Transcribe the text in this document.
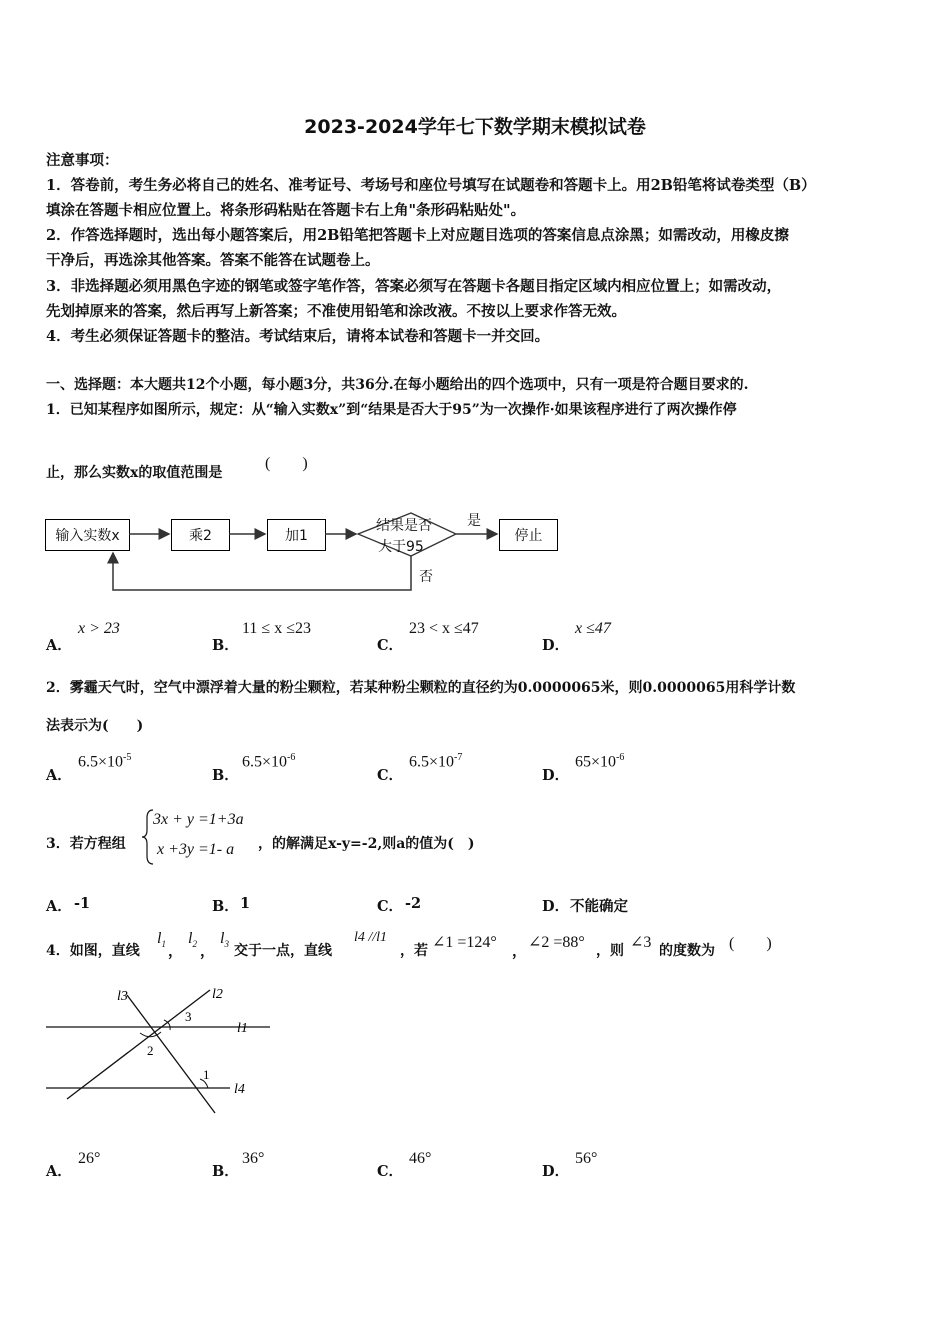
2023-2024学年七下数学期末模拟试卷
注意事项：
1．答卷前，考生务必将自己的姓名、准考证号、考场号和座位号填写在试题卷和答题卡上。用2B铅笔将试卷类型（B）
填涂在答题卡相应位置上。将条形码粘贴在答题卡右上角"条形码粘贴处"。
2．作答选择题时，选出每小题答案后，用2B铅笔把答题卡上对应题目选项的答案信息点涂黑；如需改动，用橡皮擦
干净后，再选涂其他答案。答案不能答在试题卷上。
3．非选择题必须用黑色字迹的钢笔或签字笔作答，答案必须写在答题卡各题目指定区域内相应位置上；如需改动，
先划掉原来的答案，然后再写上新答案；不准使用铅笔和涂改液。不按以上要求作答无效。
4．考生必须保证答题卡的整洁。考试结束后，请将本试卷和答题卡一并交回。
一、选择题：本大题共12个小题，每小题3分，共36分.在每小题给出的四个选项中，只有一项是符合题目要求的.
1．已知某程序如图所示，规定：从“输入实数x”到“结果是否大于95”为一次操作·如果该程序进行了两次操作停
止，那么实数x的取值范围是
(　　)
输入实数x	乘2	加1	停止
结果是否
大于95
是
否
A．
x > 23
B．
11 ≤ x ≤23
C．
23 < x ≤47
D．
x ≤47
2．雾霾天气时，空气中漂浮着大量的粉尘颗粒，若某种粉尘颗粒的直径约为0.0000065米，则0.0000065用科学计数
法表示为(　　)
A．
$6.5\times 10^{-5}$
B．
$6.5\times 10^{-6}$
C．
$6.5\times 10^{-7}$
D．
$65\times 10^{-6}$
3．若方程组
3x + y =1+3a
x +3y =1- a ，的解满足x-y=-2,则a的值为(　)
A． -1	B． 1	C． -2	D． 不能确定
4．如图，直线
$l_1$ ，
$l_2$ ，
$l_3$ 交于一点，直线
l4 //l1
，若 ∠1 =124°
，
∠2 =88° ，则 ∠3 的度数为 (　　)
l3	l2
l1
l4
3
2
1
A．
26°
B．
36°
C．
46°
D．
56°
